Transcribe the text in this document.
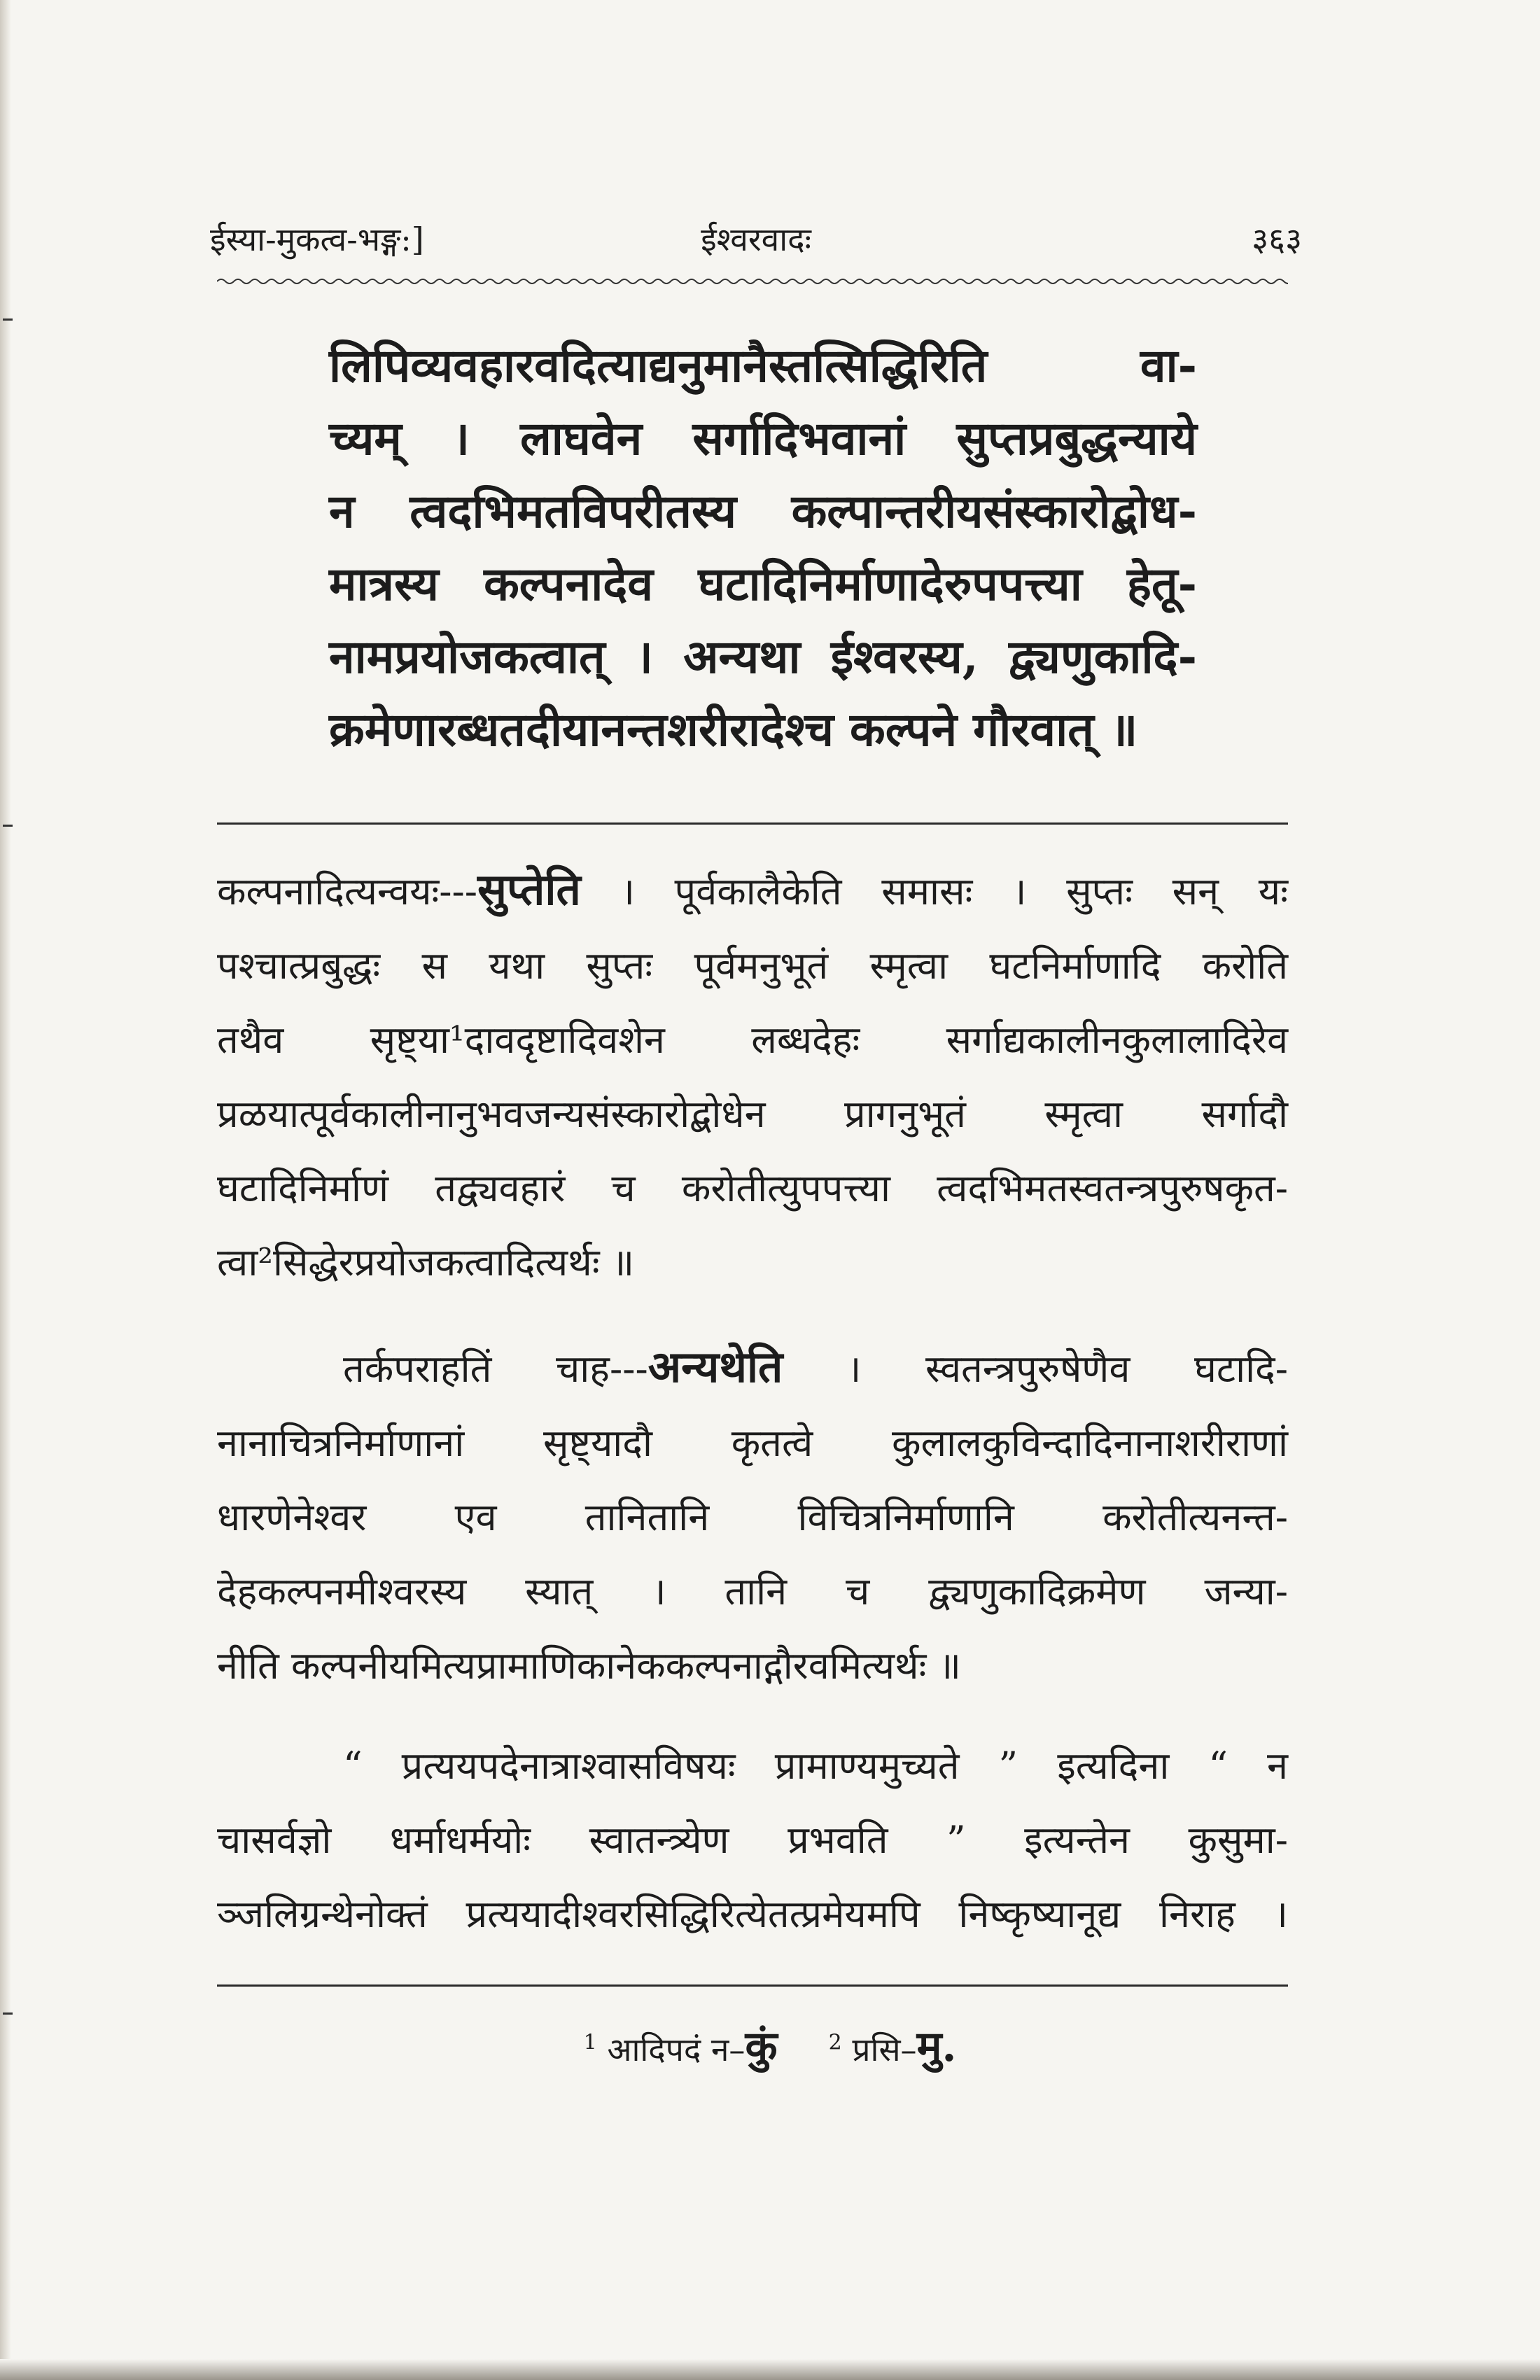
ईस्या-मुकत्व-भङ्ग:]	ईश्वरवादः	३६३
लिपिव्यवहारवदित्याद्यनुमानैस्तत्सिद्धिरिति वा-
च्यम् । लाघवेन सर्गादिभवानां सुप्तप्रबुद्धन्याये
न त्वदभिमतविपरीतस्य कल्पान्तरीयसंस्कारोद्बोध-
मात्रस्य कल्पनादेव घटादिनिर्माणादेरुपपत्त्या हेतू-
नामप्रयोजकत्वात् । अन्यथा ईश्वरस्य, द्व्यणुकादि-
क्रमेणारब्धतदीयानन्तशरीरादेश्च कल्पने गौरवात् ॥
कल्पनादित्यन्वयः---सुप्तेति । पूर्वकालैकेति समासः । सुप्तः सन् यः
पश्चात्प्रबुद्धः स यथा सुप्तः पूर्वमनुभूतं स्मृत्वा घटनिर्माणादि करोति
तथैव सृष्ट्या¹दावदृष्टादिवशेन लब्धदेहः सर्गाद्यकालीनकुलालादिरेव
प्रळयात्पूर्वकालीनानुभवजन्यसंस्कारोद्बोधेन प्रागनुभूतं स्मृत्वा सर्गादौ
घटादिनिर्माणं तद्व्यवहारं च करोतीत्युपपत्त्या त्वदभिमतस्वतन्त्रपुरुषकृत-
त्वा²सिद्धेरप्रयोजकत्वादित्यर्थः ॥
तर्कपराहतिं चाह---अन्यथेति । स्वतन्त्रपुरुषेणैव घटादि-
नानाचित्रनिर्माणानां सृष्ट्यादौ कृतत्वे कुलालकुविन्दादिनानाशरीराणां
धारणेनेश्वर एव तानितानि विचित्रनिर्माणानि करोतीत्यनन्त-
देहकल्पनमीश्वरस्य स्यात् । तानि च द्व्यणुकादिक्रमेण जन्या-
नीति कल्पनीयमित्यप्रामाणिकानेककल्पनाद्गौरवमित्यर्थः ॥
“ प्रत्ययपदेनात्राश्वासविषयः प्रामाण्यमुच्यते ” इत्यदिना “ न
चासर्वज्ञो धर्माधर्मयोः स्वातन्त्र्येण प्रभवति ” इत्यन्तेन कुसुमा-
ञ्जलिग्रन्थेनोक्तं प्रत्ययादीश्वरसिद्धिरित्येतत्प्रमेयमपि निष्कृष्यानूद्य निराह ।
$^1$ आदिपदं न–कुं $^2$ प्रसि–मु.
